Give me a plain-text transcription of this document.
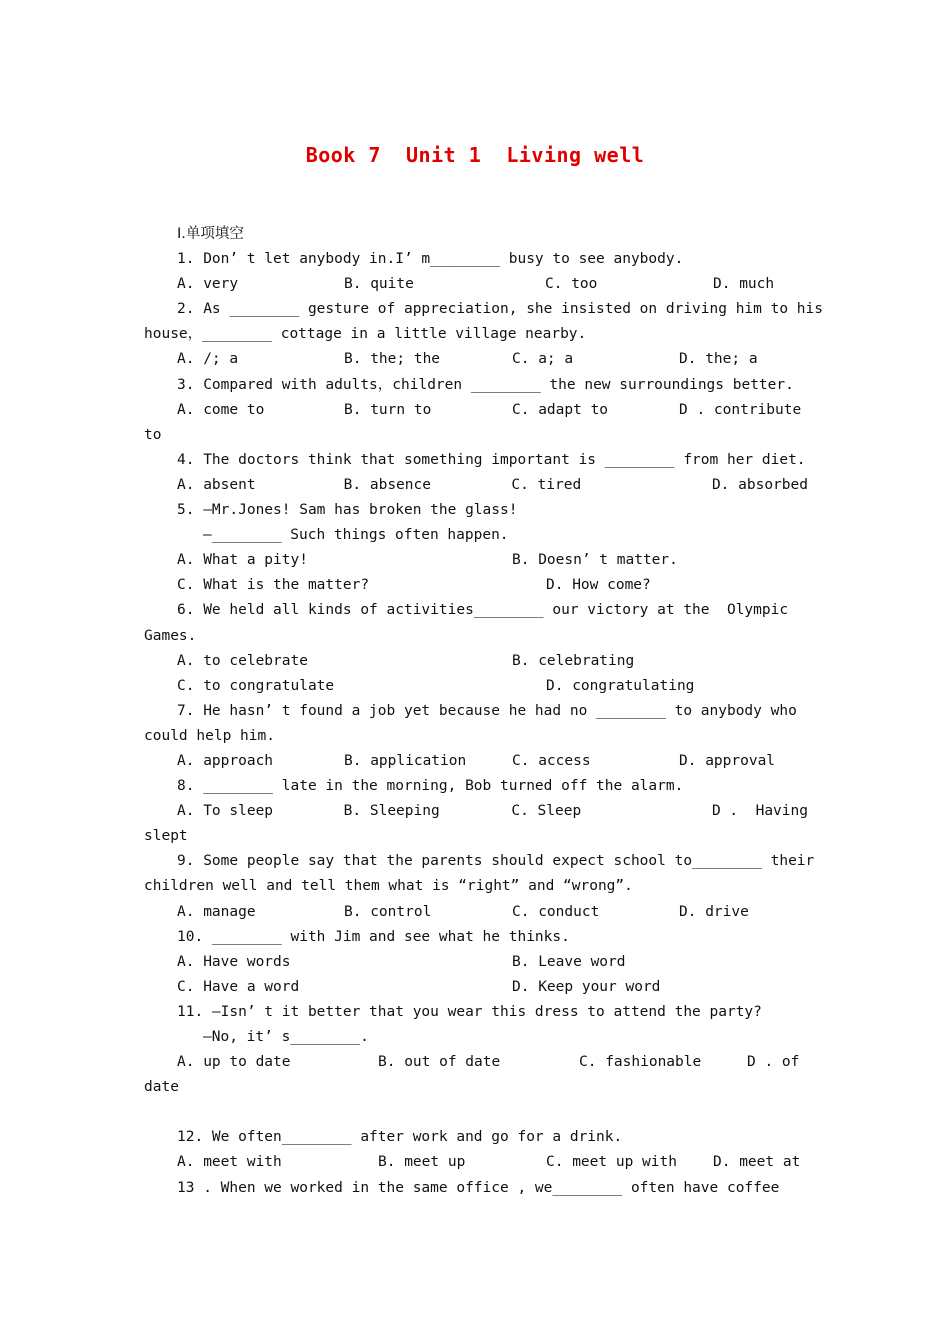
Book 7  Unit 1  Living well
Ⅰ.单项填空
1. Don’ t let anybody in.I’ m________ busy to see anybody.
A. very	B. quite	C. too	D. much
2. As ________ gesture of appreciation, she insisted on driving him to his
house，________ cottage in a little village nearby.
A. /; a	B. the; the	C. a; a	D. the; a
3. Compared with adults，children ________ the new surroundings better.
A. come to	B. turn to	C. adapt to	D . contribute
to
4. The doctors think that something important is ________ from her diet.
A. absent	B. absence	C. tired	D. absorbed
5. —Mr.Jones! Sam has broken the glass!
—________ Such things often happen.
A. What a pity!	B. Doesn’ t matter.
C. What is the matter?	D. How come?
6. We held all kinds of activities________ our victory at the  Olympic
Games.
A. to celebrate	B. celebrating
C. to congratulate	D. congratulating
7. He hasn’ t found a job yet because he had no ________ to anybody who
could help him.
A. approach	B. application	C. access	D. approval
8. ________ late in the morning, Bob turned off the alarm.
A. To sleep	B. Sleeping	C. Sleep	D .  Having
slept
9. Some people say that the parents should expect school to________ their
children well and tell them what is “right” and “wrong”.
A. manage	B. control	C. conduct	D. drive
10. ________ with Jim and see what he thinks.
A. Have words	B. Leave word
C. Have a word	D. Keep your word
11. —Isn’ t it better that you wear this dress to attend the party?
—No, it’ s________.
A. up to date	B. out of date	C. fashionable	D . of
date
12. We often________ after work and go for a drink.
A. meet with	B. meet up	C. meet up with	D. meet at
13 . When we worked in the same office , we________ often have coffee
